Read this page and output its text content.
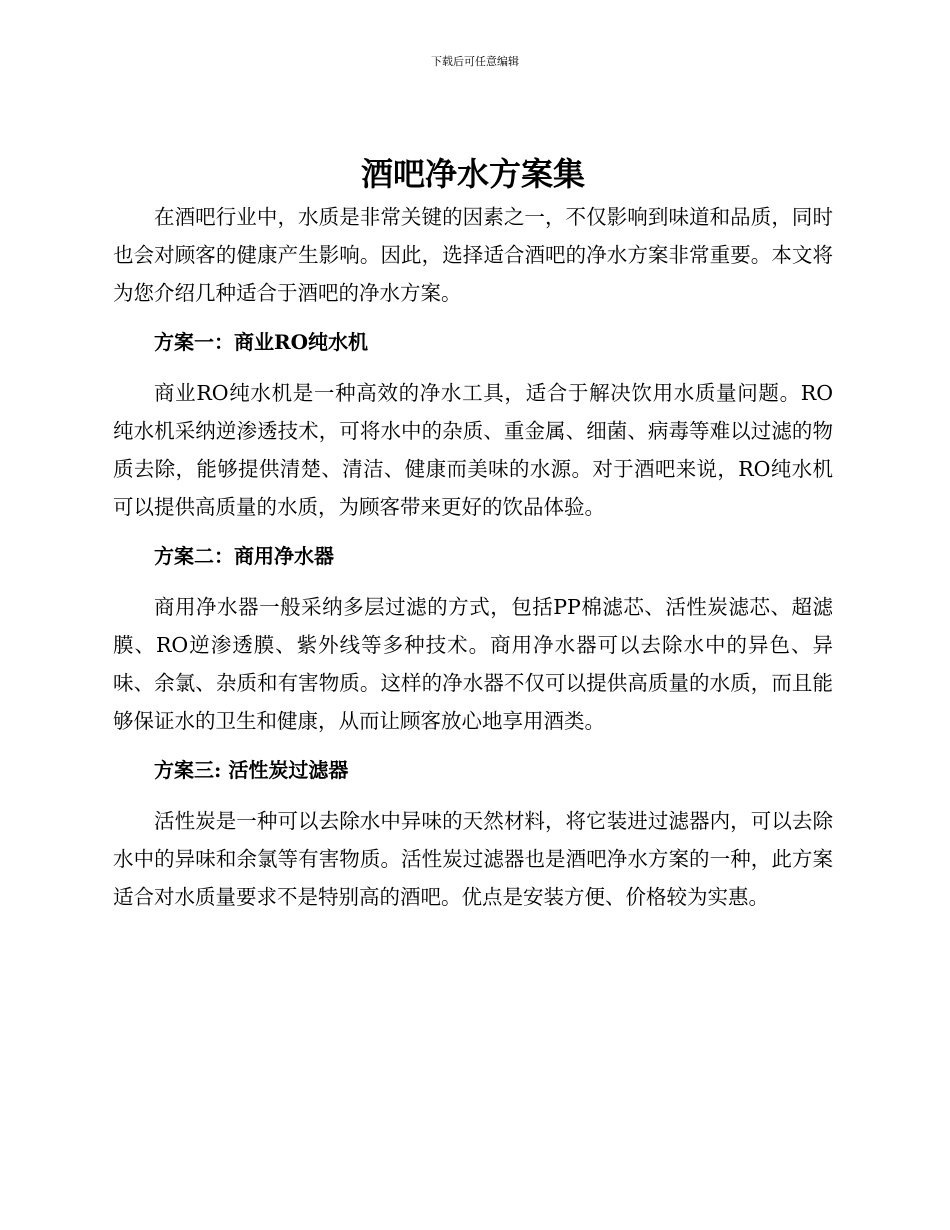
下载后可任意编辑
酒吧净水方案集

在酒吧行业中，水质是非常关键的因素之一，不仅影响到味道和品质，同时也会对顾客的健康产生影响。因此，选择适合酒吧的净水方案非常重要。本文将为您介绍几种适合于酒吧的净水方案。

方案一：商业RO纯水机

商业RO纯水机是一种高效的净水工具，适合于解决饮用水质量问题。RO纯水机采纳逆渗透技术，可将水中的杂质、重金属、细菌、病毒等难以过滤的物质去除，能够提供清楚、清洁、健康而美味的水源。对于酒吧来说，RO纯水机可以提供高质量的水质，为顾客带来更好的饮品体验。

方案二：商用净水器

商用净水器一般采纳多层过滤的方式，包括PP棉滤芯、活性炭滤芯、超滤膜、RO逆渗透膜、紫外线等多种技术。商用净水器可以去除水中的异色、异味、余氯、杂质和有害物质。这样的净水器不仅可以提供高质量的水质，而且能够保证水的卫生和健康，从而让顾客放心地享用酒类。

方案三: 活性炭过滤器

活性炭是一种可以去除水中异味的天然材料，将它装进过滤器内，可以去除水中的异味和余氯等有害物质。活性炭过滤器也是酒吧净水方案的一种，此方案适合对水质量要求不是特别高的酒吧。优点是安装方便、价格较为实惠。
